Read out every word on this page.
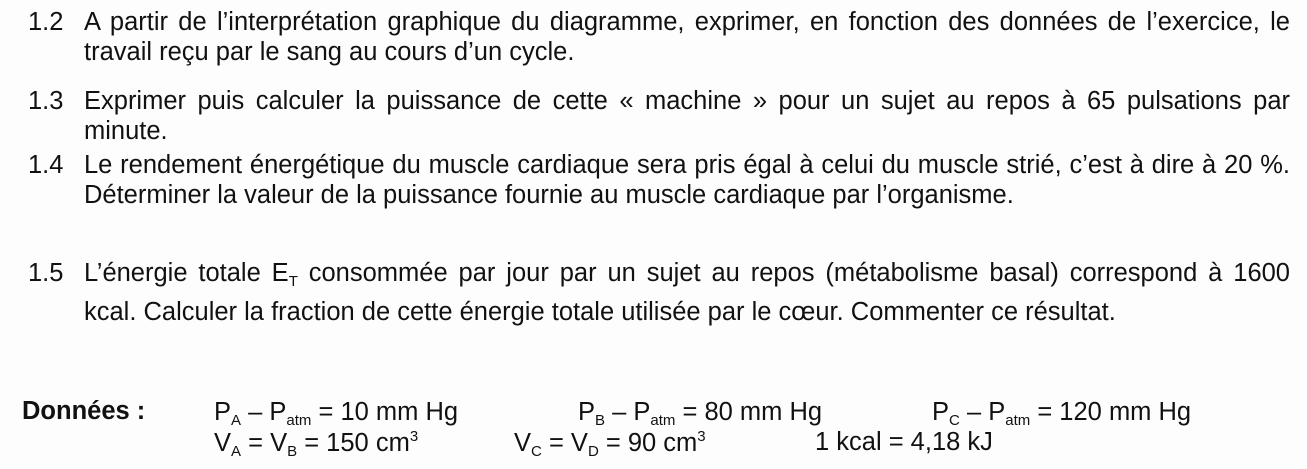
1.2 A partir de l’interprétation graphique du diagramme, exprimer, en fonction des données de l’exercice, le travail reçu par le sang au cours d’un cycle.
1.3 Exprimer puis calculer la puissance de cette « machine » pour un sujet au repos à 65 pulsations par minute.
1.4 Le rendement énergétique du muscle cardiaque sera pris égal à celui du muscle strié, c’est à dire à 20 %. Déterminer la valeur de la puissance fournie au muscle cardiaque par l’organisme.
1.5 L’énergie totale $E_T$ consommée par jour par un sujet au repos (métabolisme basal) correspond à 1600 kcal. Calculer la fraction de cette énergie totale utilisée par le cœur. Commenter ce résultat.
Données :	$P_A - P_{atm} = 10$ mm Hg	$P_B - P_{atm} = 80$ mm Hg	$P_C - P_{atm} = 120$ mm Hg
$V_A = V_B = 150$ $cm^3$	$V_C = V_D = 90$ $cm^3$	1 kcal = 4,18 kJ
